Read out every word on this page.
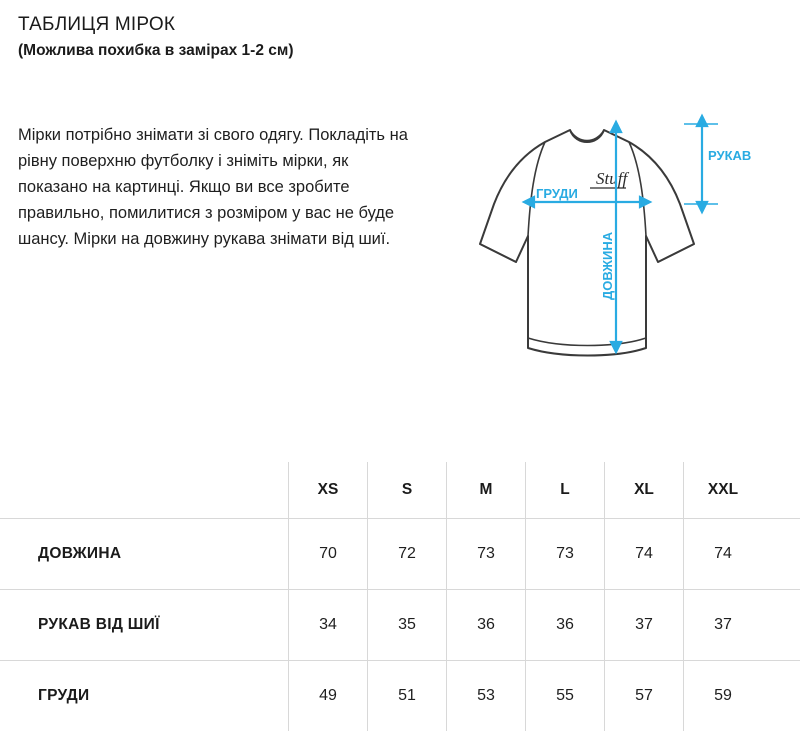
ТАБЛИЦЯ МІРОК

(Можлива похибка в замірах 1-2 см)

Мірки потрібно знімати зі свого одягу. Покладіть на рівну поверхню футболку і зніміть мірки, як показано на картинці. Якщо ви все зробите правильно, помилитися з розміром у вас не буде шансу. Мірки на довжину рукава знімати від шиї.
Stuff
ГРУДИ
ДОВЖИНА
РУКАВ
	XS	S	M	L	XL	XXL	
ДОВЖИНА	70	72	73	73	74	74	
РУКАВ ВІД ШИЇ	34	35	36	36	37	37	
ГРУДИ	49	51	53	55	57	59	
